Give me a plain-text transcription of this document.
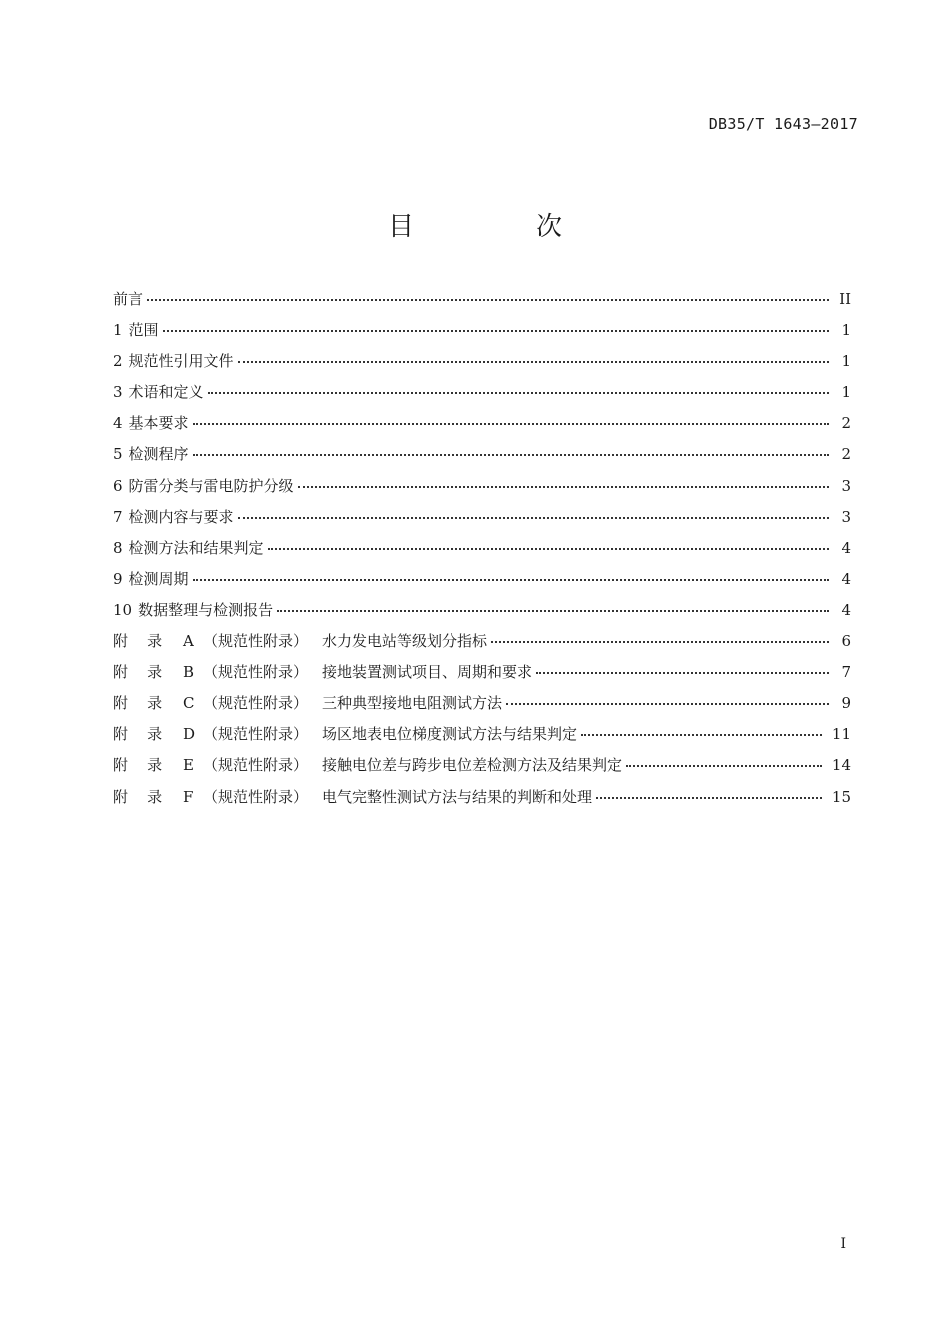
DB35/T 1643—2017
目　次
前言	II
1 范围	1
2 规范性引用文件	1
3 术语和定义	1
4 基本要求	2
5 检测程序	2
6 防雷分类与雷电防护分级	3
7 检测内容与要求	3
8 检测方法和结果判定	4
9 检测周期	4
10 数据整理与检测报告	4
附 录 A （规范性附录） 水力发电站等级划分指标	6
附 录 B （规范性附录） 接地装置测试项目、周期和要求	7
附 录 C （规范性附录） 三种典型接地电阻测试方法	9
附 录 D （规范性附录） 场区地表电位梯度测试方法与结果判定	11
附 录 E （规范性附录） 接触电位差与跨步电位差检测方法及结果判定	14
附 录 F （规范性附录） 电气完整性测试方法与结果的判断和处理	15
I
